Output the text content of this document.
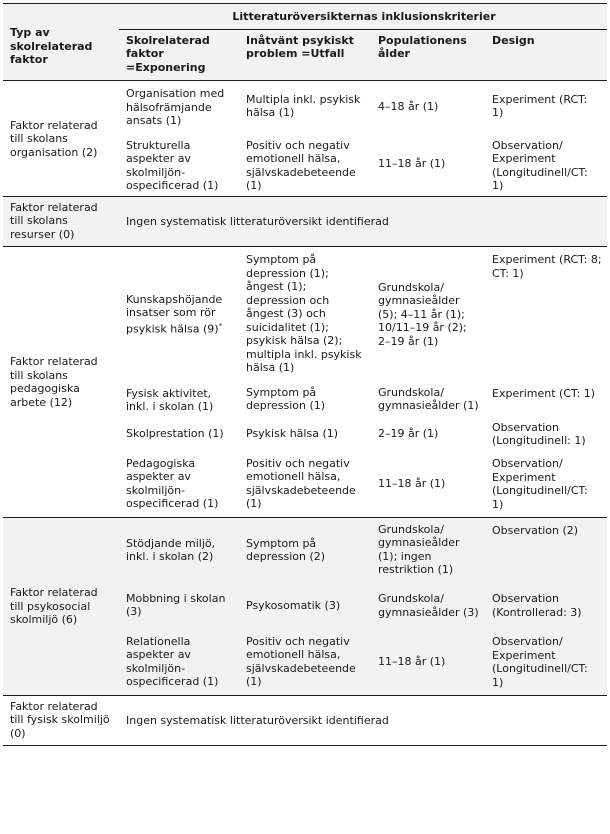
Typ av skolrelaterad faktor	Litteraturöversikternas inklusionskriterier			
	Skolrelaterad faktor =Exponering	Inåtvänt psykiskt problem =Utfall	Populationens ålder	Design
Faktor relaterad till skolans organisation (2)	Organisation med hälsofrämjande ansats (1)	Multipla inkl. psykisk hälsa (1)	4–18 år (1)	Experiment (RCT: 1)
	Strukturella aspekter av skolmiljön-ospecificerad (1)	Positiv och negativ emotionell hälsa, självskadebeteende (1)	11–18 år (1)	Observation/ Experiment (Longitudinell/CT: 1)
Faktor relaterad till skolans resurser (0)	Ingen systematisk litteraturöversikt identifierad			
Faktor relaterad till skolans pedagogiska arbete (12)	Kunskapshöjande insatser som rör psykisk hälsa (9)*	Symptom på depression (1); ångest (1); depression och ångest (3) och suicidalitet (1); psykisk hälsa (2); multipla inkl. psykisk hälsa (1)	Grundskola/ gymnasieålder (5); 4–11 år (1); 10/11–19 år (2); 2–19 år (1)	Experiment (RCT: 8; CT: 1)
	Fysisk aktivitet, inkl. i skolan (1)	Symptom på depression (1)	Grundskola/ gymnasieålder (1)	Experiment (CT: 1)
	Skolprestation (1)	Psykisk hälsa (1)	2–19 år (1)	Observation (Longitudinell: 1)
	Pedagogiska aspekter av skolmiljön-ospecificerad (1)	Positiv och negativ emotionell hälsa, självskadebeteende (1)	11–18 år (1)	Observation/ Experiment (Longitudinell/CT: 1)
Faktor relaterad till psykosocial skolmiljö (6)	Stödjande miljö, inkl. i skolan (2)	Symptom på depression (2)	Grundskola/ gymnasieålder (1); ingen restriktion (1)	Observation (2)
	Mobbning i skolan (3)	Psykosomatik (3)	Grundskola/ gymnasieålder (3)	Observation (Kontrollerad: 3)
	Relationella aspekter av skolmiljön-ospecificerad (1)	Positiv och negativ emotionell hälsa, självskadebeteende (1)	11–18 år (1)	Observation/ Experiment (Longitudinell/CT: 1)
Faktor relaterad till fysisk skolmiljö (0)	Ingen systematisk litteraturöversikt identifierad			
